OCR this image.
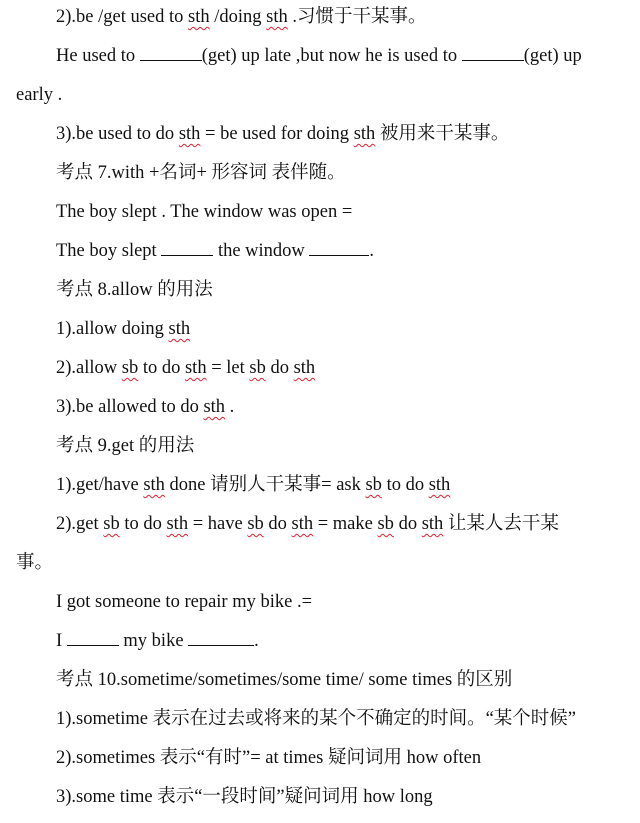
2).be /get used to sth /doing sth .习惯于干某事。
He used to	(get) up late ,but now he is used to	(get) up
early .
3).be used to do sth = be used for doing sth 被用来干某事。
考点 7.with +名词+ 形容词 表伴随。
The boy slept . The window was open =
The boy slept	the window	.
考点 8.allow 的用法
1).allow doing sth
2).allow sb to do sth = let sb do sth
3).be allowed to do sth .
考点 9.get 的用法
1).get/have sth done 请别人干某事= ask sb to do sth
2).get sb to do sth = have sb do sth = make sb do sth 让某人去干某
事。
I got someone to repair my bike .=
I	my bike	.
考点 10.sometime/sometimes/some time/ some times 的区别
1).sometime 表示在过去或将来的某个不确定的时间。“某个时候”
2).sometimes 表示“有时”= at times 疑问词用 how often
3).some time 表示“一段时间”疑问词用 how long
